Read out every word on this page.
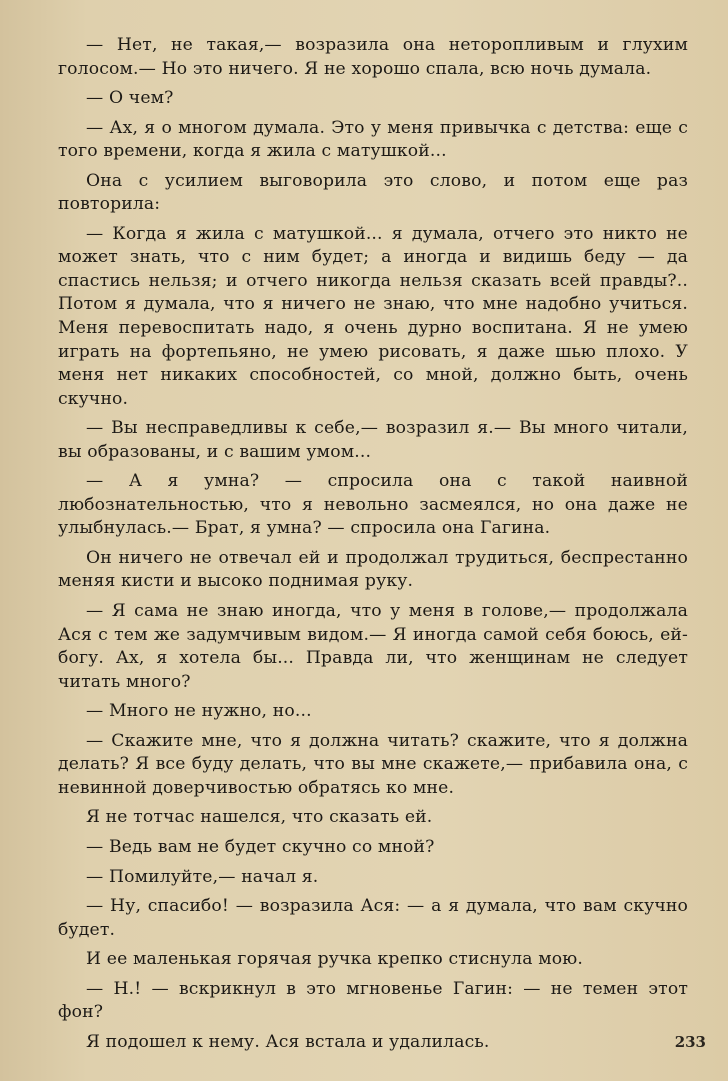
— Нет, не такая,— возразила она неторопливым и глухим голосом.— Но это ничего. Я не хорошо спала, всю ночь думала.

— О чем?

— Ах, я о многом думала. Это у меня привычка с детства: еще с того времени, когда я жила с матушкой...

Она с усилием выговорила это слово, и потом еще раз повторила:

— Когда я жила с матушкой... я думала, отчего это никто не может знать, что с ним будет; а иногда и видишь беду — да спастись нельзя; и отчего никогда нельзя сказать всей правды?.. Потом я думала, что я ничего не знаю, что мне надобно учиться. Меня перевоспитать надо, я очень дурно воспитана. Я не умею играть на фортепьяно, не умею рисовать, я даже шью плохо. У меня нет никаких способностей, со мной, должно быть, очень скучно.

— Вы несправедливы к себе,— возразил я.— Вы много читали, вы образованы, и с вашим умом...

— А я умна? — спросила она с такой наивной любознательностью, что я невольно засмеялся, но она даже не улыбнулась.— Брат, я умна? — спросила она Гагина.

Он ничего не отвечал ей и продолжал трудиться, беспрестанно меняя кисти и высоко поднимая руку.

— Я сама не знаю иногда, что у меня в голове,— продолжала Ася с тем же задумчивым видом.— Я иногда самой себя боюсь, ей-богу. Ах, я хотела бы... Правда ли, что женщинам не следует читать много?

— Много не нужно, но...

— Скажите мне, что я должна читать? скажите, что я должна делать? Я все буду делать, что вы мне скажете,— прибавила она, с невинной доверчивостью обратясь ко мне.

Я не тотчас нашелся, что сказать ей.

— Ведь вам не будет скучно со мной?

— Помилуйте,— начал я.

— Ну, спасибо! — возразила Ася: — а я думала, что вам скучно будет.

И ее маленькая горячая ручка крепко стиснула мою.

— Н.! — вскрикнул в это мгновенье Гагин: — не темен этот фон?

Я подошел к нему. Ася встала и удалилась.	233
